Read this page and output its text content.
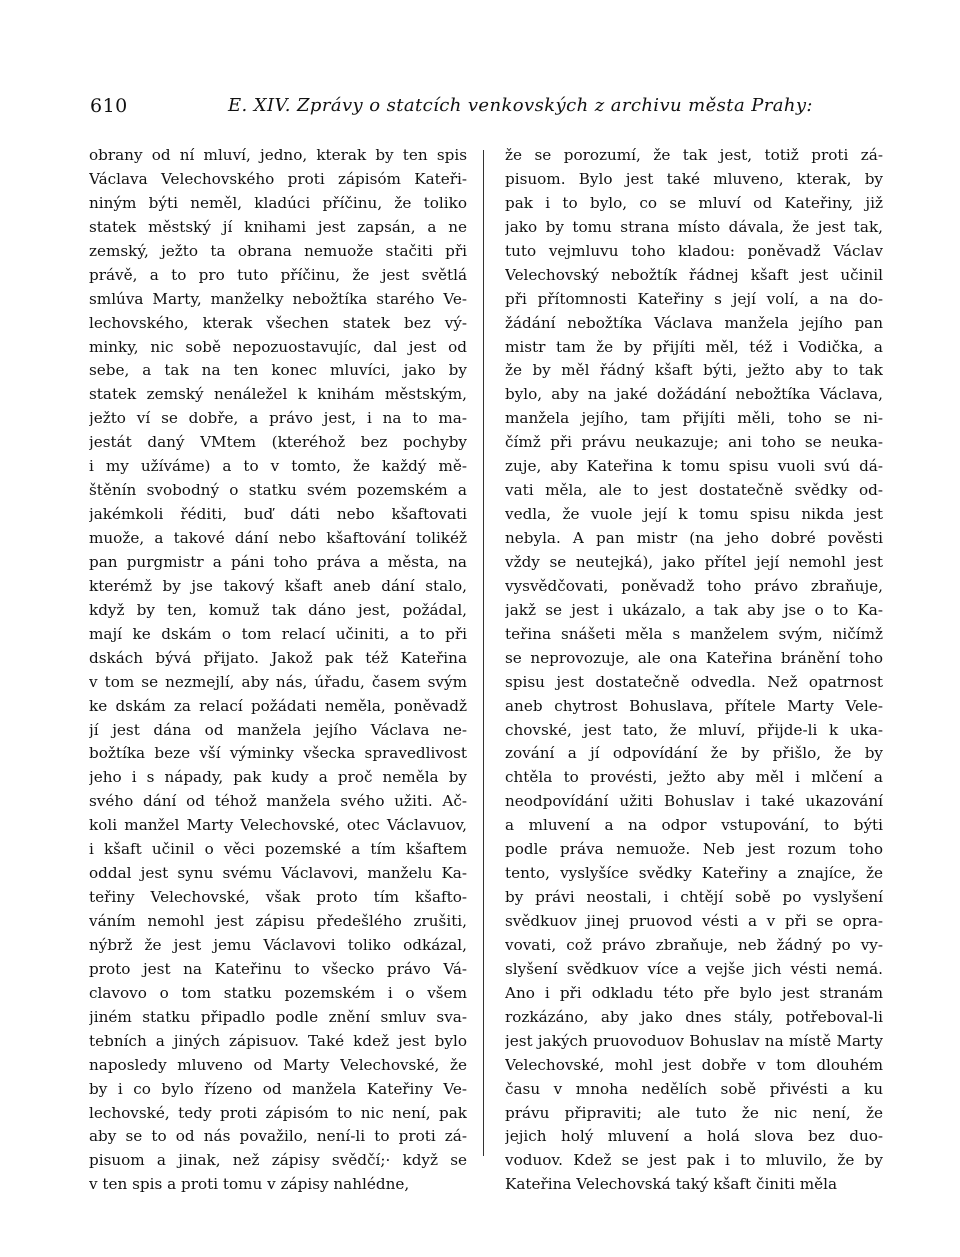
610	E. XIV. Zprávy o statcích venkovských z archivu města Prahy:
obrany od ní mluví, jedno, kterak by ten spis
Václava Velechovského proti zápisóm Kateři-
niným býti neměl, kladúci příčinu, že toliko
statek městský jí knihami jest zapsán, a ne
zemský, ježto ta obrana nemuože stačiti při
právě, a to pro tuto příčinu, že jest světlá
smlúva Marty, manželky nebožtíka starého Ve-
lechovského, kterak všechen statek bez vý-
minky, nic sobě nepozuostavujíc, dal jest od
sebe, a tak na ten konec mluvíci, jako by
statek zemský nenáležel k knihám městským,
ježto ví se dobře, a právo jest, i na to ma-
jestát daný VMtem (kteréhož bez pochyby
i my užíváme) a to v tomto, že každý mě-
štěnín svobodný o statku svém pozemském a
jakémkoli řéditi, buď dáti nebo kšaftovati
muože, a takové dání nebo kšaftování tolikéž
pan purgmistr a páni toho práva a města, na
kterémž by jse takový kšaft aneb dání stalo,
když by ten, komuž tak dáno jest, požádal,
mají ke dskám o tom relací učiniti, a to při
dskách bývá přijato. Jakož pak též Kateřina
v tom se nezmejlí, aby nás, úřadu, časem svým
ke dskám za relací požádati neměla, poněvadž
jí jest dána od manžela jejího Václava ne-
božtíka beze vší výminky všecka spravedlivost
jeho i s nápady, pak kudy a proč neměla by
svého dání od téhož manžela svého užiti. Ač-
koli manžel Marty Velechovské, otec Václavuov,
i kšaft učinil o věci pozemské a tím kšaftem
oddal jest synu svému Václavovi, manželu Ka-
teřiny Velechovské, však proto tím kšafto-
váním nemohl jest zápisu předešlého zrušiti,
nýbrž že jest jemu Václavovi toliko odkázal,
proto jest na Kateřinu to všecko právo Vá-
clavovo o tom statku pozemském i o všem
jiném statku připadlo podle znění smluv sva-
tebních a jiných zápisuov. Také kdež jest bylo
naposledy mluveno od Marty Velechovské, že
by i co bylo řízeno od manžela Kateřiny Ve-
lechovské, tedy proti zápisóm to nic není, pak
aby se to od nás považilo, není-li to proti zá-
pisuom a jinak, než zápisy svědčí;· když se
v ten spis a proti tomu v zápisy nahlédne,
že se porozumí, že tak jest, totiž proti zá-
pisuom. Bylo jest také mluveno, kterak, by
pak i to bylo, co se mluví od Kateřiny, již
jako by tomu strana místo dávala, že jest tak,
tuto vejmluvu toho kladou: poněvadž Václav
Velechovský nebožtík řádnej kšaft jest učinil
při přítomnosti Kateřiny s její volí, a na do-
žádání nebožtíka Václava manžela jejího pan
mistr tam že by přijíti měl, též i Vodička, a
že by měl řádný kšaft býti, ježto aby to tak
bylo, aby na jaké dožádání nebožtíka Václava,
manžela jejího, tam přijíti měli, toho se ni-
čímž při právu neukazuje; ani toho se neuka-
zuje, aby Kateřina k tomu spisu vuoli svú dá-
vati měla, ale to jest dostatečně svědky od-
vedla, že vuole její k tomu spisu nikda jest
nebyla. A pan mistr (na jeho dobré pověsti
vždy se neutejká), jako přítel její nemohl jest
vysvědčovati, poněvadž toho právo zbraňuje,
jakž se jest i ukázalo, a tak aby jse o to Ka-
teřina snášeti měla s manželem svým, ničímž
se neprovozuje, ale ona Kateřina bránění toho
spisu jest dostatečně odvedla. Než opatrnost
aneb chytrost Bohuslava, přítele Marty Vele-
chovské, jest tato, že mluví, přijde-li k uka-
zování a jí odpovídání že by přišlo, že by
chtěla to provésti, ježto aby měl i mlčení a
neodpovídání užiti Bohuslav i také ukazování
a mluvení a na odpor vstupování, to býti
podle práva nemuože. Neb jest rozum toho
tento, vyslyšíce svědky Kateřiny a znajíce, že
by právi neostali, i chtějí sobě po vyslyšení
svědkuov jinej pruovod vésti a v při se opra-
vovati, což právo zbraňuje, neb žádný po vy-
slyšení svědkuov více a vejše jich vésti nemá.
Ano i při odkladu této pře bylo jest stranám
rozkázáno, aby jako dnes stály, potřeboval-li
jest jakých pruovoduov Bohuslav na místě Marty
Velechovské, mohl jest dobře v tom dlouhém
času v mnoha nedělích sobě přivésti a ku
právu připraviti; ale tuto že nic není, že
jejich holý mluvení a holá slova bez duo-
voduov. Kdež se jest pak i to mluvilo, že by
Kateřina Velechovská taký kšaft činiti měla
